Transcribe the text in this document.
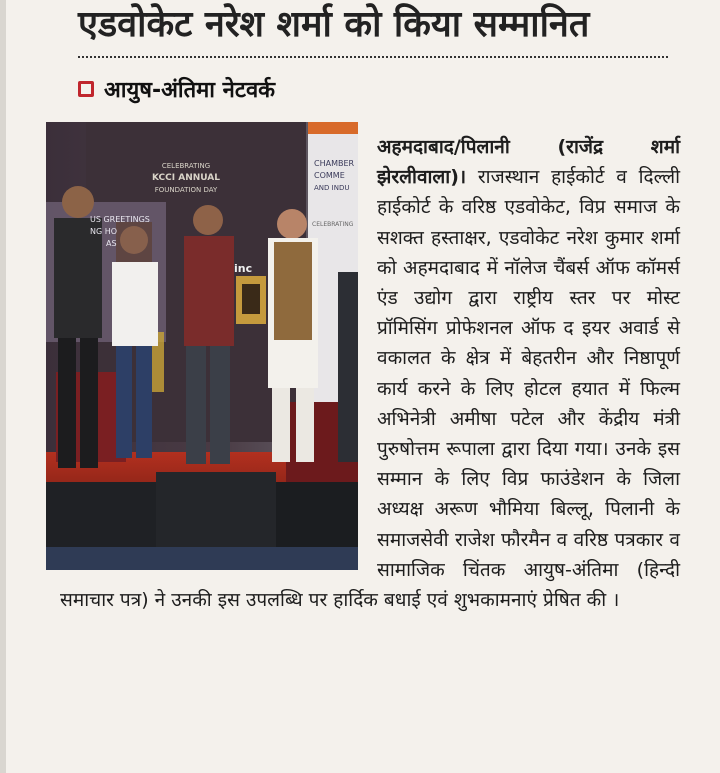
एडवोकेट नरेश शर्मा को किया सम्मानित
आयुष-अंतिमा नेटवर्क
CELEBRATING
KCCI ANNUAL
FOUNDATION DAY
CHAMBER
COMME
AND INDU
CELEBRATING
US GREETINGS
NG HO
AS
inc

अहमदाबाद/पिलानी (राजेंद्र शर्मा झेरलीवाला)। राजस्थान हाईकोर्ट व दिल्ली हाईकोर्ट के वरिष्ठ एडवोकेट, विप्र समाज के सशक्त हस्ताक्षर, एडवोकेट नरेश कुमार शर्मा को अहमदाबाद में नॉलेज चैंबर्स ऑफ कॉमर्स एंड उद्योग द्वारा राष्ट्रीय स्तर पर मोस्ट प्रॉमिसिंग प्रोफेशनल ऑफ द इयर अवार्ड से वकालत के क्षेत्र में बेहतरीन और निष्ठापूर्ण कार्य करने के लिए होटल हयात में फिल्म अभिनेत्री अमीषा पटेल और केंद्रीय मंत्री पुरुषोत्तम रूपाला द्वारा दिया गया। उनके इस सम्मान के लिए विप्र फाउंडेशन के जिला अध्यक्ष अरूण भौमिया बिल्लू, पिलानी के समाजसेवी राजेश फौरमैन व वरिष्ठ पत्रकार व सामाजिक चिंतक आयुष-अंतिमा (हिन्दी समाचार पत्र) ने उनकी इस उपलब्धि पर हार्दिक बधाई एवं शुभकामनाएं प्रेषित की ।
